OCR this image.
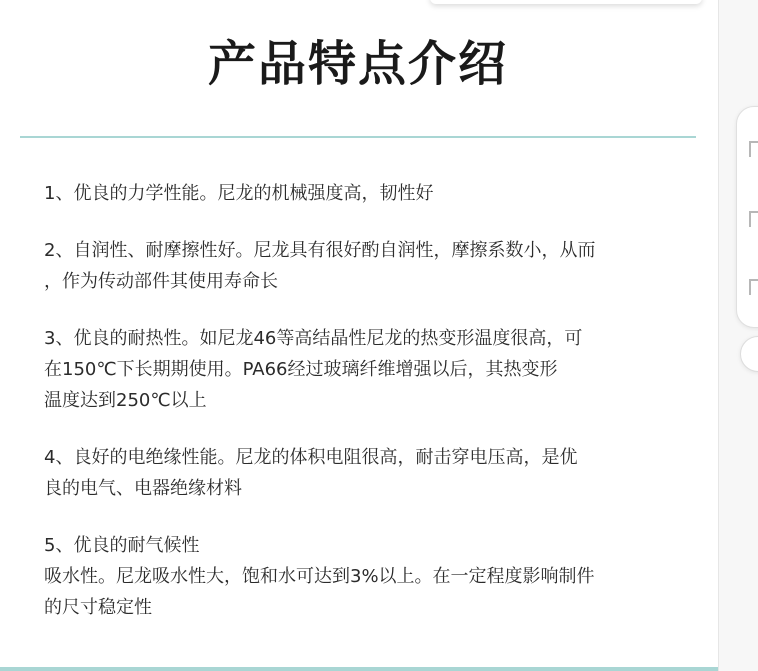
产品特点介绍
1、优良的力学性能。尼龙的机械强度高，韧性好
2、自润性、耐摩擦性好。尼龙具有很好酌自润性，摩擦系数小，从而
，作为传动部件其使用寿命长
3、优良的耐热性。如尼龙46等高结晶性尼龙的热变形温度很高，可
在150℃下长期期使用。PA66经过玻璃纤维增强以后，其热变形
温度达到250℃以上
4、良好的电绝缘性能。尼龙的体积电阻很高，耐击穿电压高，是优
良的电气、电器绝缘材料
5、优良的耐气候性
吸水性。尼龙吸水性大，饱和水可达到3%以上。在一定程度影响制件
的尺寸稳定性
